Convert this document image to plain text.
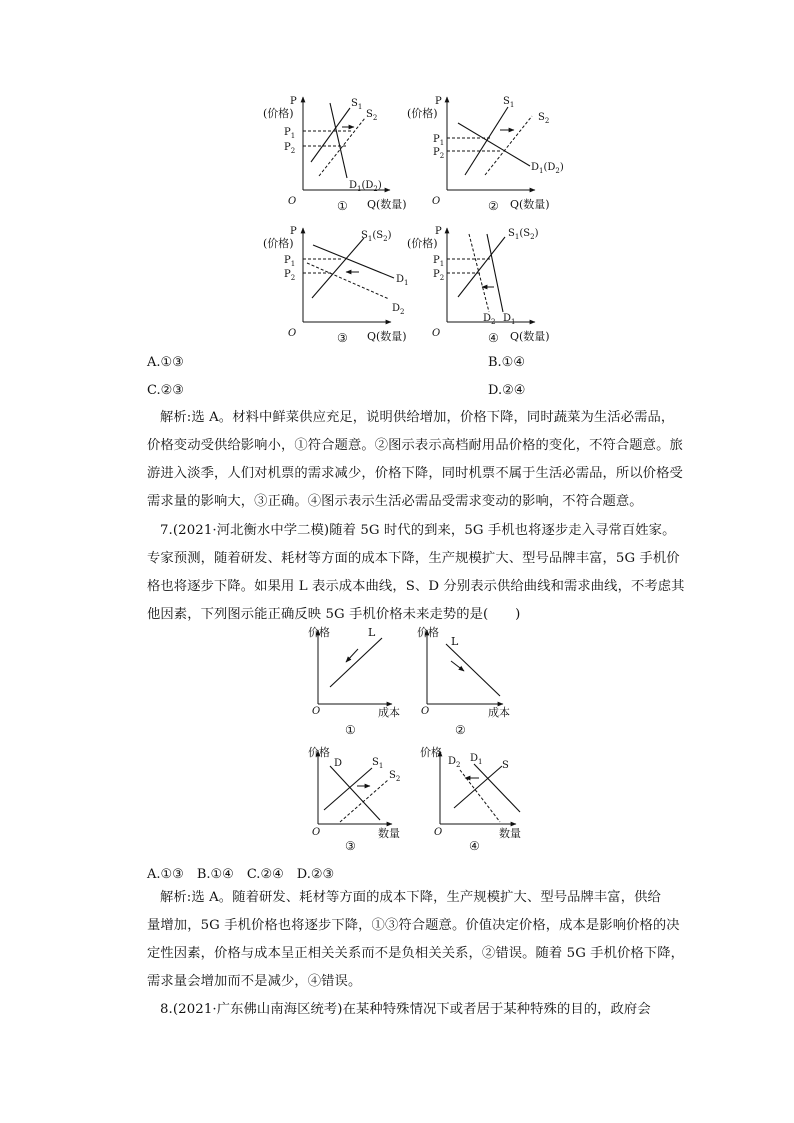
P
(价格)
Q(数量)
O	①
$P_1$
$P_2$
$S_1$
$S_2$
$D_1(D_2)$
P
(价格)
Q(数量)
O	②
$P_1$
$P_2$
$S_1$
$S_2$
$D_1(D_2)$
P
(价格)
Q(数量)
O	③
$P_1$
$P_2$
$S_1(S_2)$
$D_1$
$D_2$
P
(价格)
Q(数量)
O	④
$P_1$
$P_2$
$S_1(S_2)$
$D_2$ $D_1$
A.①③	B.①④
C.②③	D.②④
解析:选 A。材料中鲜菜供应充足，说明供给增加，价格下降，同时蔬菜为生活必需品，
价格变动受供给影响小，①符合题意。②图示表示高档耐用品价格的变化，不符合题意。旅
游进入淡季，人们对机票的需求减少，价格下降，同时机票不属于生活必需品，所以价格受
需求量的影响大，③正确。④图示表示生活必需品受需求变动的影响，不符合题意。
7.(2021·河北衡水中学二模)随着 5G 时代的到来，5G 手机也将逐步走入寻常百姓家。
专家预测，随着研发、耗材等方面的成本下降，生产规模扩大、型号品牌丰富，5G 手机价
格也将逐步下降。如果用 L 表示成本曲线，S、D 分别表示供给曲线和需求曲线，不考虑其
他因素，下列图示能正确反映 5G 手机价格未来走势的是(　　)
价格
成本
O
①
L	价格
成本
O
②
L
价格
数量
O
③
D	$S_1$
$S_2$
价格
数量
O
④
$D_2$
$D_1$ S
A.①③　B.①④　C.②④　D.②③
解析:选 A。随着研发、耗材等方面的成本下降，生产规模扩大、型号品牌丰富，供给
量增加，5G 手机价格也将逐步下降，①③符合题意。价值决定价格，成本是影响价格的决
定性因素，价格与成本呈正相关关系而不是负相关关系，②错误。随着 5G 手机价格下降，
需求量会增加而不是减少，④错误。
8.(2021·广东佛山南海区统考)在某种特殊情况下或者居于某种特殊的目的，政府会
